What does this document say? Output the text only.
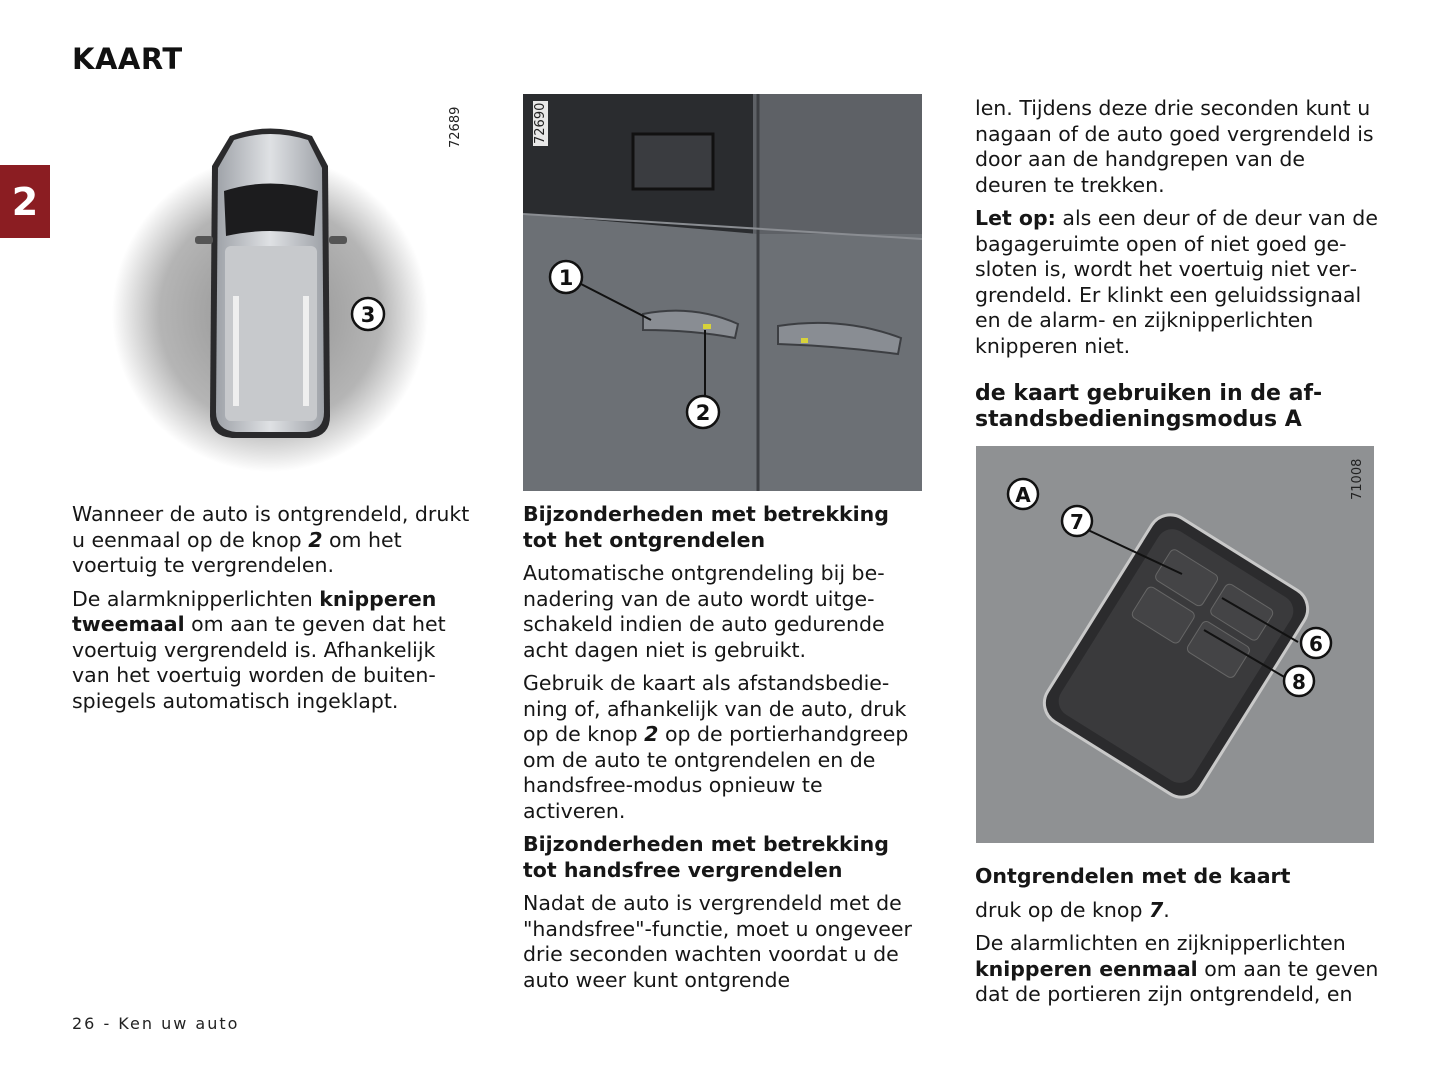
KAART
2
3
72689
1
2
72690
A
7
6
8
71008

Wanneer de auto is ontgrendeld, drukt u eenmaal op de knop 2 om het voertuig te vergrendelen.

De alarmknipperlichten knipperen tweemaal om aan te geven dat het voertuig vergrendeld is. Afhankelijk van het voertuig worden de buitenspiegels automatisch ingeklapt.

Bijzonderheden met betrekking tot het ontgrendelen

Automatische ontgrendeling bij benadering van de auto wordt uitgeschakeld indien de auto gedurende acht dagen niet is gebruikt.

Gebruik de kaart als afstandsbediening of, afhankelijk van de auto, druk op de knop 2 op de portierhandgreep om de auto te ontgrendelen en de handsfree-modus opnieuw te activeren.

Bijzonderheden met betrekking tot handsfree vergrendelen

Nadat de auto is vergrendeld met de "handsfree"-functie, moet u ongeveer drie seconden wachten voordat u de auto weer kunt ontgrende

len. Tijdens deze drie seconden kunt u nagaan of de auto goed vergrendeld is door aan de handgrepen van de deuren te trekken.

Let op: als een deur of de deur van de bagageruimte open of niet goed gesloten is, wordt het voertuig niet vergrendeld. Er klinkt een geluidssignaal en de alarm- en zijknipperlichten knipperen niet.

de kaart gebruiken in de afstandsbedieningsmodus A

Ontgrendelen met de kaart

druk op de knop 7.

De alarmlichten en zijknipperlichten knipperen eenmaal om aan te geven dat de portieren zijn ontgrendeld, en

26 - Ken uw auto
